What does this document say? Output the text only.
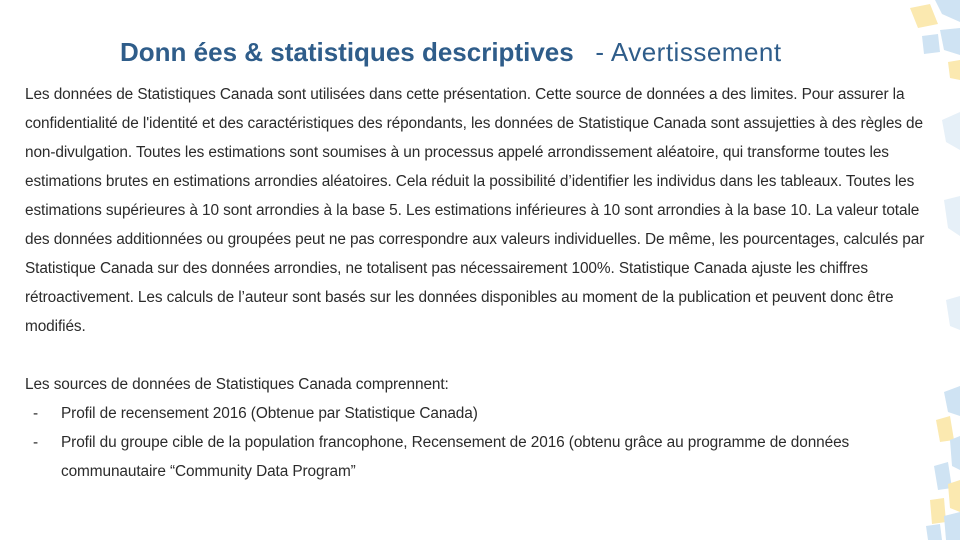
Donn ées & statistiques descriptives - Avertissement

Les données de Statistiques Canada sont utilisées dans cette présentation. Cette source de données a des limites. Pour assurer la confidentialité de l'identité et des caractéristiques des répondants, les données de Statistique Canada sont assujetties à des règles de non-divulgation. Toutes les estimations sont soumises à un processus appelé arrondissement aléatoire, qui transforme toutes les estimations brutes en estimations arrondies aléatoires. Cela réduit la possibilité d’identifier les individus dans les tableaux. Toutes les estimations supérieures à 10 sont arrondies à la base 5. Les estimations inférieures à 10 sont arrondies à la base 10. La valeur totale des données additionnées ou groupées peut ne pas correspondre aux valeurs individuelles. De même, les pourcentages, calculés par Statistique Canada sur des données arrondies, ne totalisent pas nécessairement 100%. Statistique Canada ajuste les chiffres rétroactivement. Les calculs de l’auteur sont basés sur les données disponibles au moment de la publication et peuvent donc être modifiés.

Les sources de données de Statistiques Canada comprennent:

- Profil de recensement 2016 (Obtenue par Statistique Canada)
- Profil du groupe cible de la population francophone, Recensement de 2016 (obtenu grâce au programme de données communautaire “Community Data Program”
